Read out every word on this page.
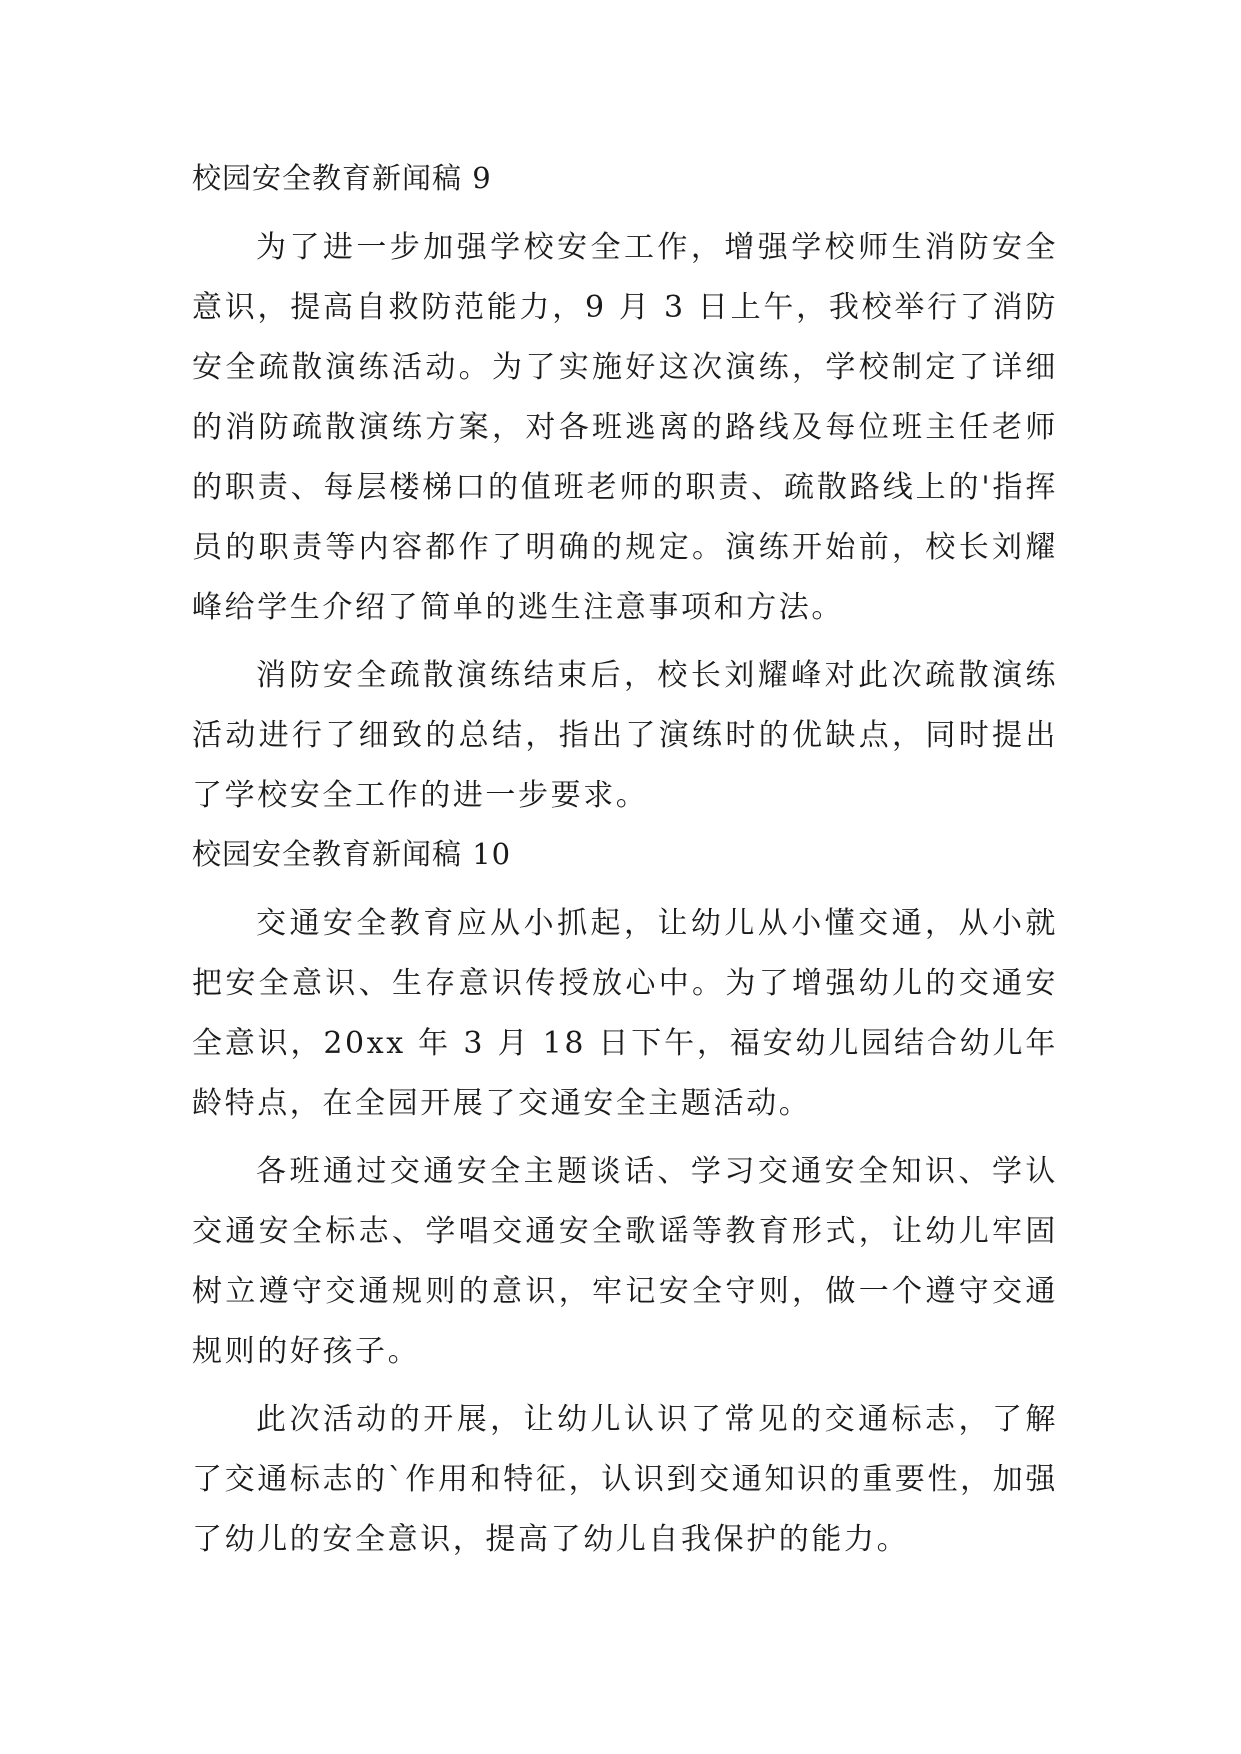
校园安全教育新闻稿 9

为了进一步加强学校安全工作，增强学校师生消防安全意识，提高自救防范能力，9 月 3 日上午，我校举行了消防安全疏散演练活动。为了实施好这次演练，学校制定了详细的消防疏散演练方案，对各班逃离的路线及每位班主任老师的职责、每层楼梯口的值班老师的职责、疏散路线上的'指挥员的职责等内容都作了明确的规定。演练开始前，校长刘耀峰给学生介绍了简单的逃生注意事项和方法。

消防安全疏散演练结束后，校长刘耀峰对此次疏散演练活动进行了细致的总结，指出了演练时的优缺点，同时提出了学校安全工作的进一步要求。

校园安全教育新闻稿 10

交通安全教育应从小抓起，让幼儿从小懂交通，从小就把安全意识、生存意识传授放心中。为了增强幼儿的交通安全意识，20xx 年 3 月 18 日下午，福安幼儿园结合幼儿年龄特点，在全园开展了交通安全主题活动。

各班通过交通安全主题谈话、学习交通安全知识、学认交通安全标志、学唱交通安全歌谣等教育形式，让幼儿牢固树立遵守交通规则的意识，牢记安全守则，做一个遵守交通规则的好孩子。

此次活动的开展，让幼儿认识了常见的交通标志，了解了交通标志的`作用和特征，认识到交通知识的重要性，加强了幼儿的安全意识，提高了幼儿自我保护的能力。
